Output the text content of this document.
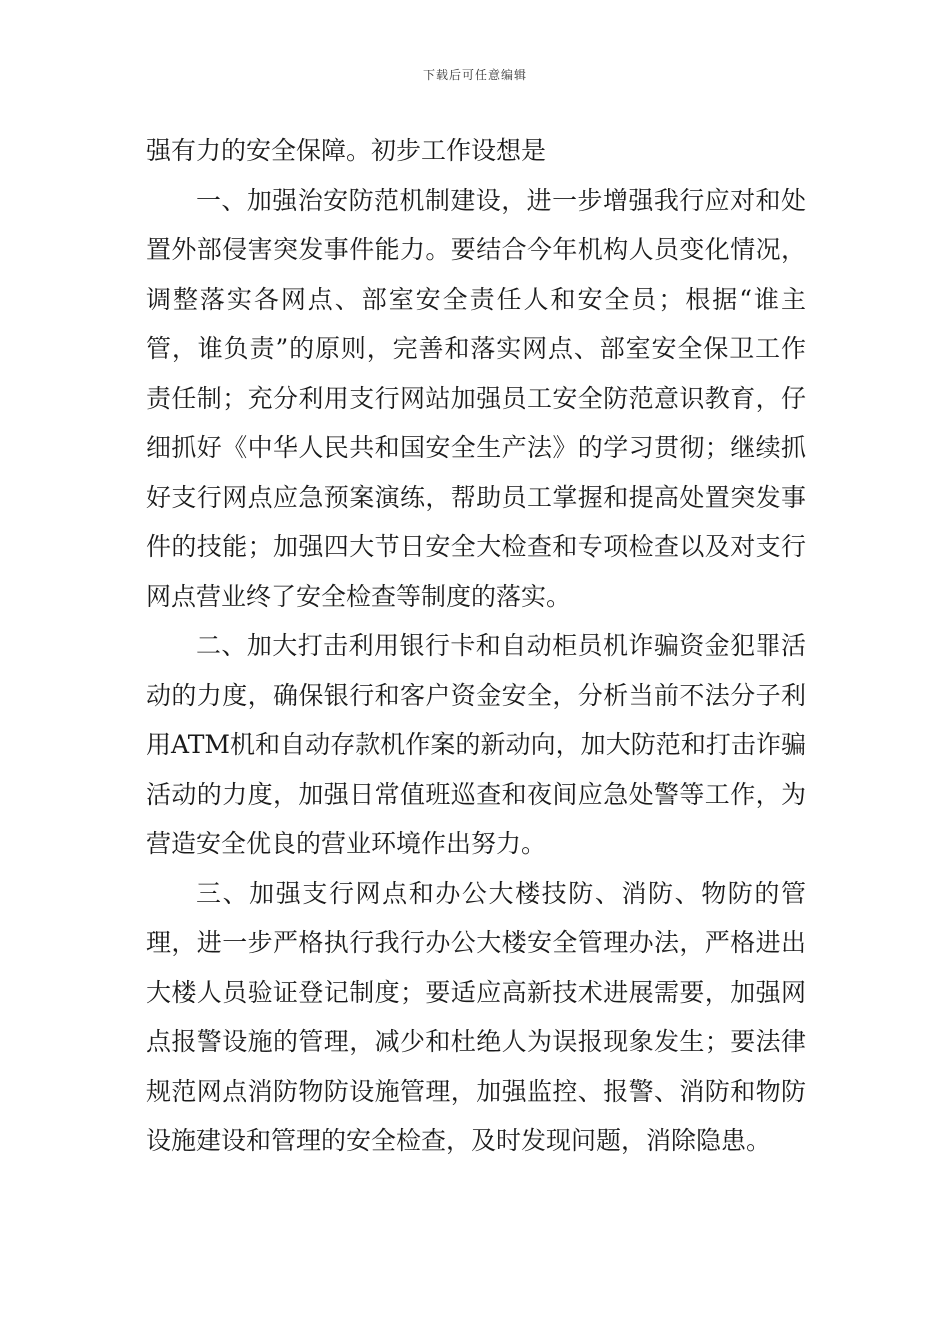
下载后可任意编辑

强有力的安全保障。初步工作设想是

一、加强治安防范机制建设，进一步增强我行应对和处置外部侵害突发事件能力。要结合今年机构人员变化情况，调整落实各网点、部室安全责任人和安全员；根据“谁主管，谁负责”的原则，完善和落实网点、部室安全保卫工作责任制；充分利用支行网站加强员工安全防范意识教育，仔细抓好《中华人民共和国安全生产法》的学习贯彻；继续抓好支行网点应急预案演练，帮助员工掌握和提高处置突发事件的技能；加强四大节日安全大检查和专项检查以及对支行网点营业终了安全检查等制度的落实。

二、加大打击利用银行卡和自动柜员机诈骗资金犯罪活动的力度，确保银行和客户资金安全，分析当前不法分子利用ATM机和自动存款机作案的新动向，加大防范和打击诈骗活动的力度，加强日常值班巡查和夜间应急处警等工作，为营造安全优良的营业环境作出努力。

三、加强支行网点和办公大楼技防、消防、物防的管理，进一步严格执行我行办公大楼安全管理办法，严格进出大楼人员验证登记制度；要适应高新技术进展需要，加强网点报警设施的管理，减少和杜绝人为误报现象发生；要法律规范网点消防物防设施管理，加强监控、报警、消防和物防设施建设和管理的安全检查，及时发现问题，消除隐患。
